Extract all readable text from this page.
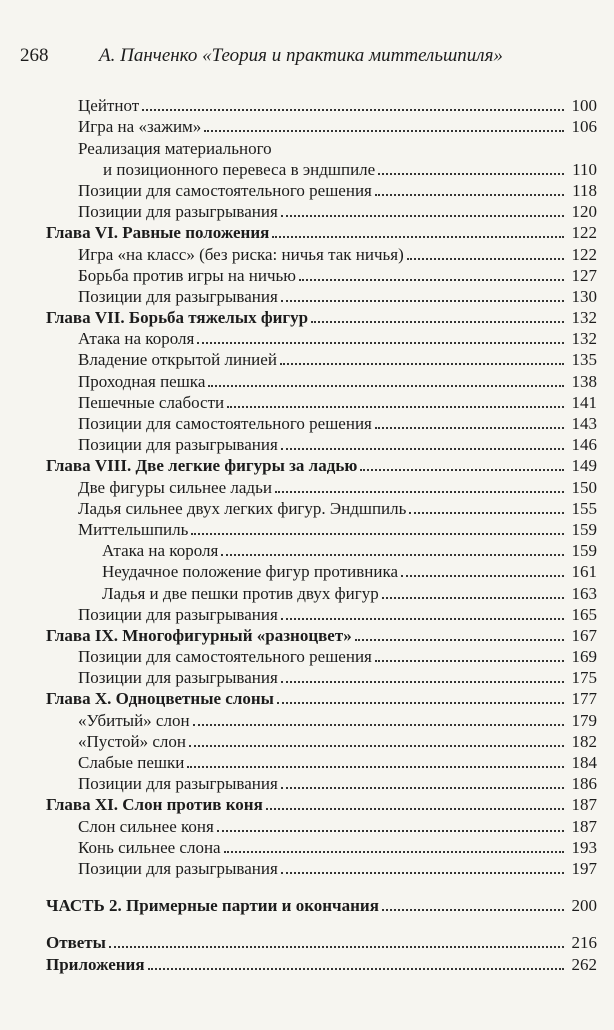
268	А. Панченко «Теория и практика миттельшпиля»
Цейтнот	100
Игра на «зажим»	106
Реализация материального
и позиционного перевеса в эндшпиле	110
Позиции для самостоятельного решения	118
Позиции для разыгрывания	120
Глава VI. Равные положения	122
Игра «на класс» (без риска: ничья так ничья)	122
Борьба против игры на ничью	127
Позиции для разыгрывания	130
Глава VII. Борьба тяжелых фигур	132
Атака на короля	132
Владение открытой линией	135
Проходная пешка	138
Пешечные слабости	141
Позиции для самостоятельного решения	143
Позиции для разыгрывания	146
Глава VIII. Две легкие фигуры за ладью	149
Две фигуры сильнее ладьи	150
Ладья сильнее двух легких фигур. Эндшпиль	155
Миттельшпиль	159
Атака на короля	159
Неудачное положение фигур противника	161
Ладья и две пешки против двух фигур	163
Позиции для разыгрывания	165
Глава IX. Многофигурный «разноцвет»	167
Позиции для самостоятельного решения	169
Позиции для разыгрывания	175
Глава X. Одноцветные слоны	177
«Убитый» слон	179
«Пустой» слон	182
Слабые пешки	184
Позиции для разыгрывания	186
Глава XI. Слон против коня	187
Слон сильнее коня	187
Конь сильнее слона	193
Позиции для разыгрывания	197
ЧАСТЬ 2. Примерные партии и окончания	200
Ответы	216
Приложения	262
